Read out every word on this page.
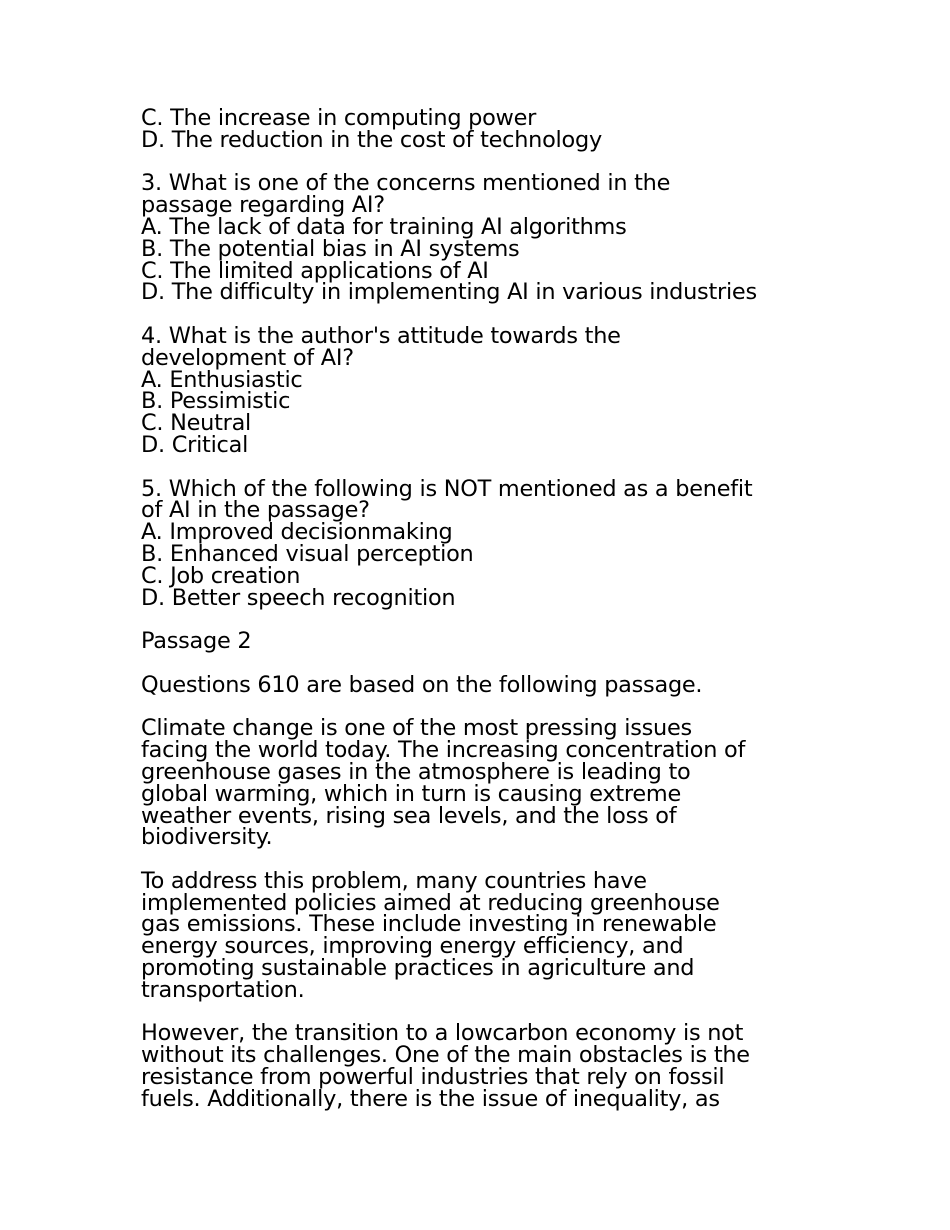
C. The increase in computing power
D. The reduction in the cost of technology
3. What is one of the concerns mentioned in the
passage regarding AI?
A. The lack of data for training AI algorithms
B. The potential bias in AI systems
C. The limited applications of AI
D. The difficulty in implementing AI in various industries
4. What is the author's attitude towards the
development of AI?
A. Enthusiastic
B. Pessimistic
C. Neutral
D. Critical
5. Which of the following is NOT mentioned as a benefit
of AI in the passage?
A. Improved decisionmaking
B. Enhanced visual perception
C. Job creation
D. Better speech recognition
Passage 2
Questions 610 are based on the following passage.
Climate change is one of the most pressing issues
facing the world today. The increasing concentration of
greenhouse gases in the atmosphere is leading to
global warming, which in turn is causing extreme
weather events, rising sea levels, and the loss of
biodiversity.
To address this problem, many countries have
implemented policies aimed at reducing greenhouse
gas emissions. These include investing in renewable
energy sources, improving energy efficiency, and
promoting sustainable practices in agriculture and
transportation.
However, the transition to a lowcarbon economy is not
without its challenges. One of the main obstacles is the
resistance from powerful industries that rely on fossil
fuels. Additionally, there is the issue of inequality, as
